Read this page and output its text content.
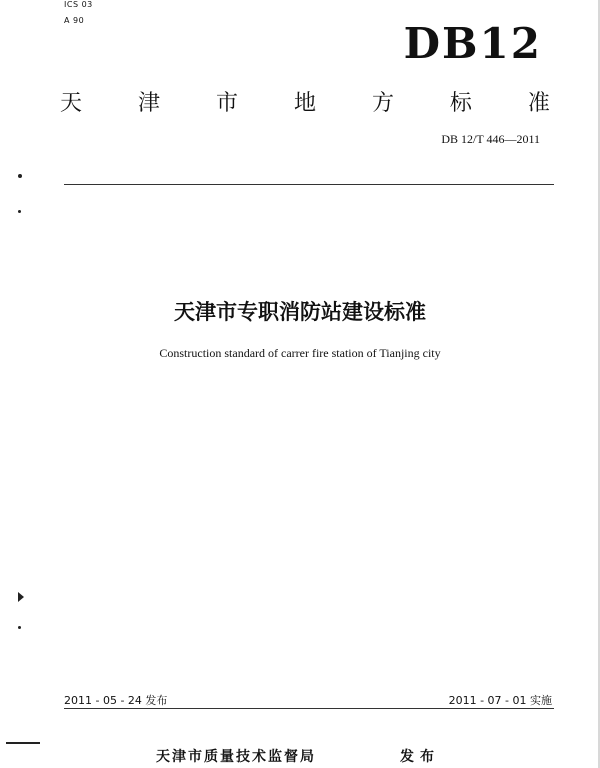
ICS 03
A 90	DB12
天	津	市	地	方	标	准
DB 12/T 446—2011
天津市专职消防站建设标准
Construction standard of carrer fire station of Tianjing city
2011 - 05 - 24 发布	2011 - 07 - 01 实施
天津市质量技术监督局	发布
